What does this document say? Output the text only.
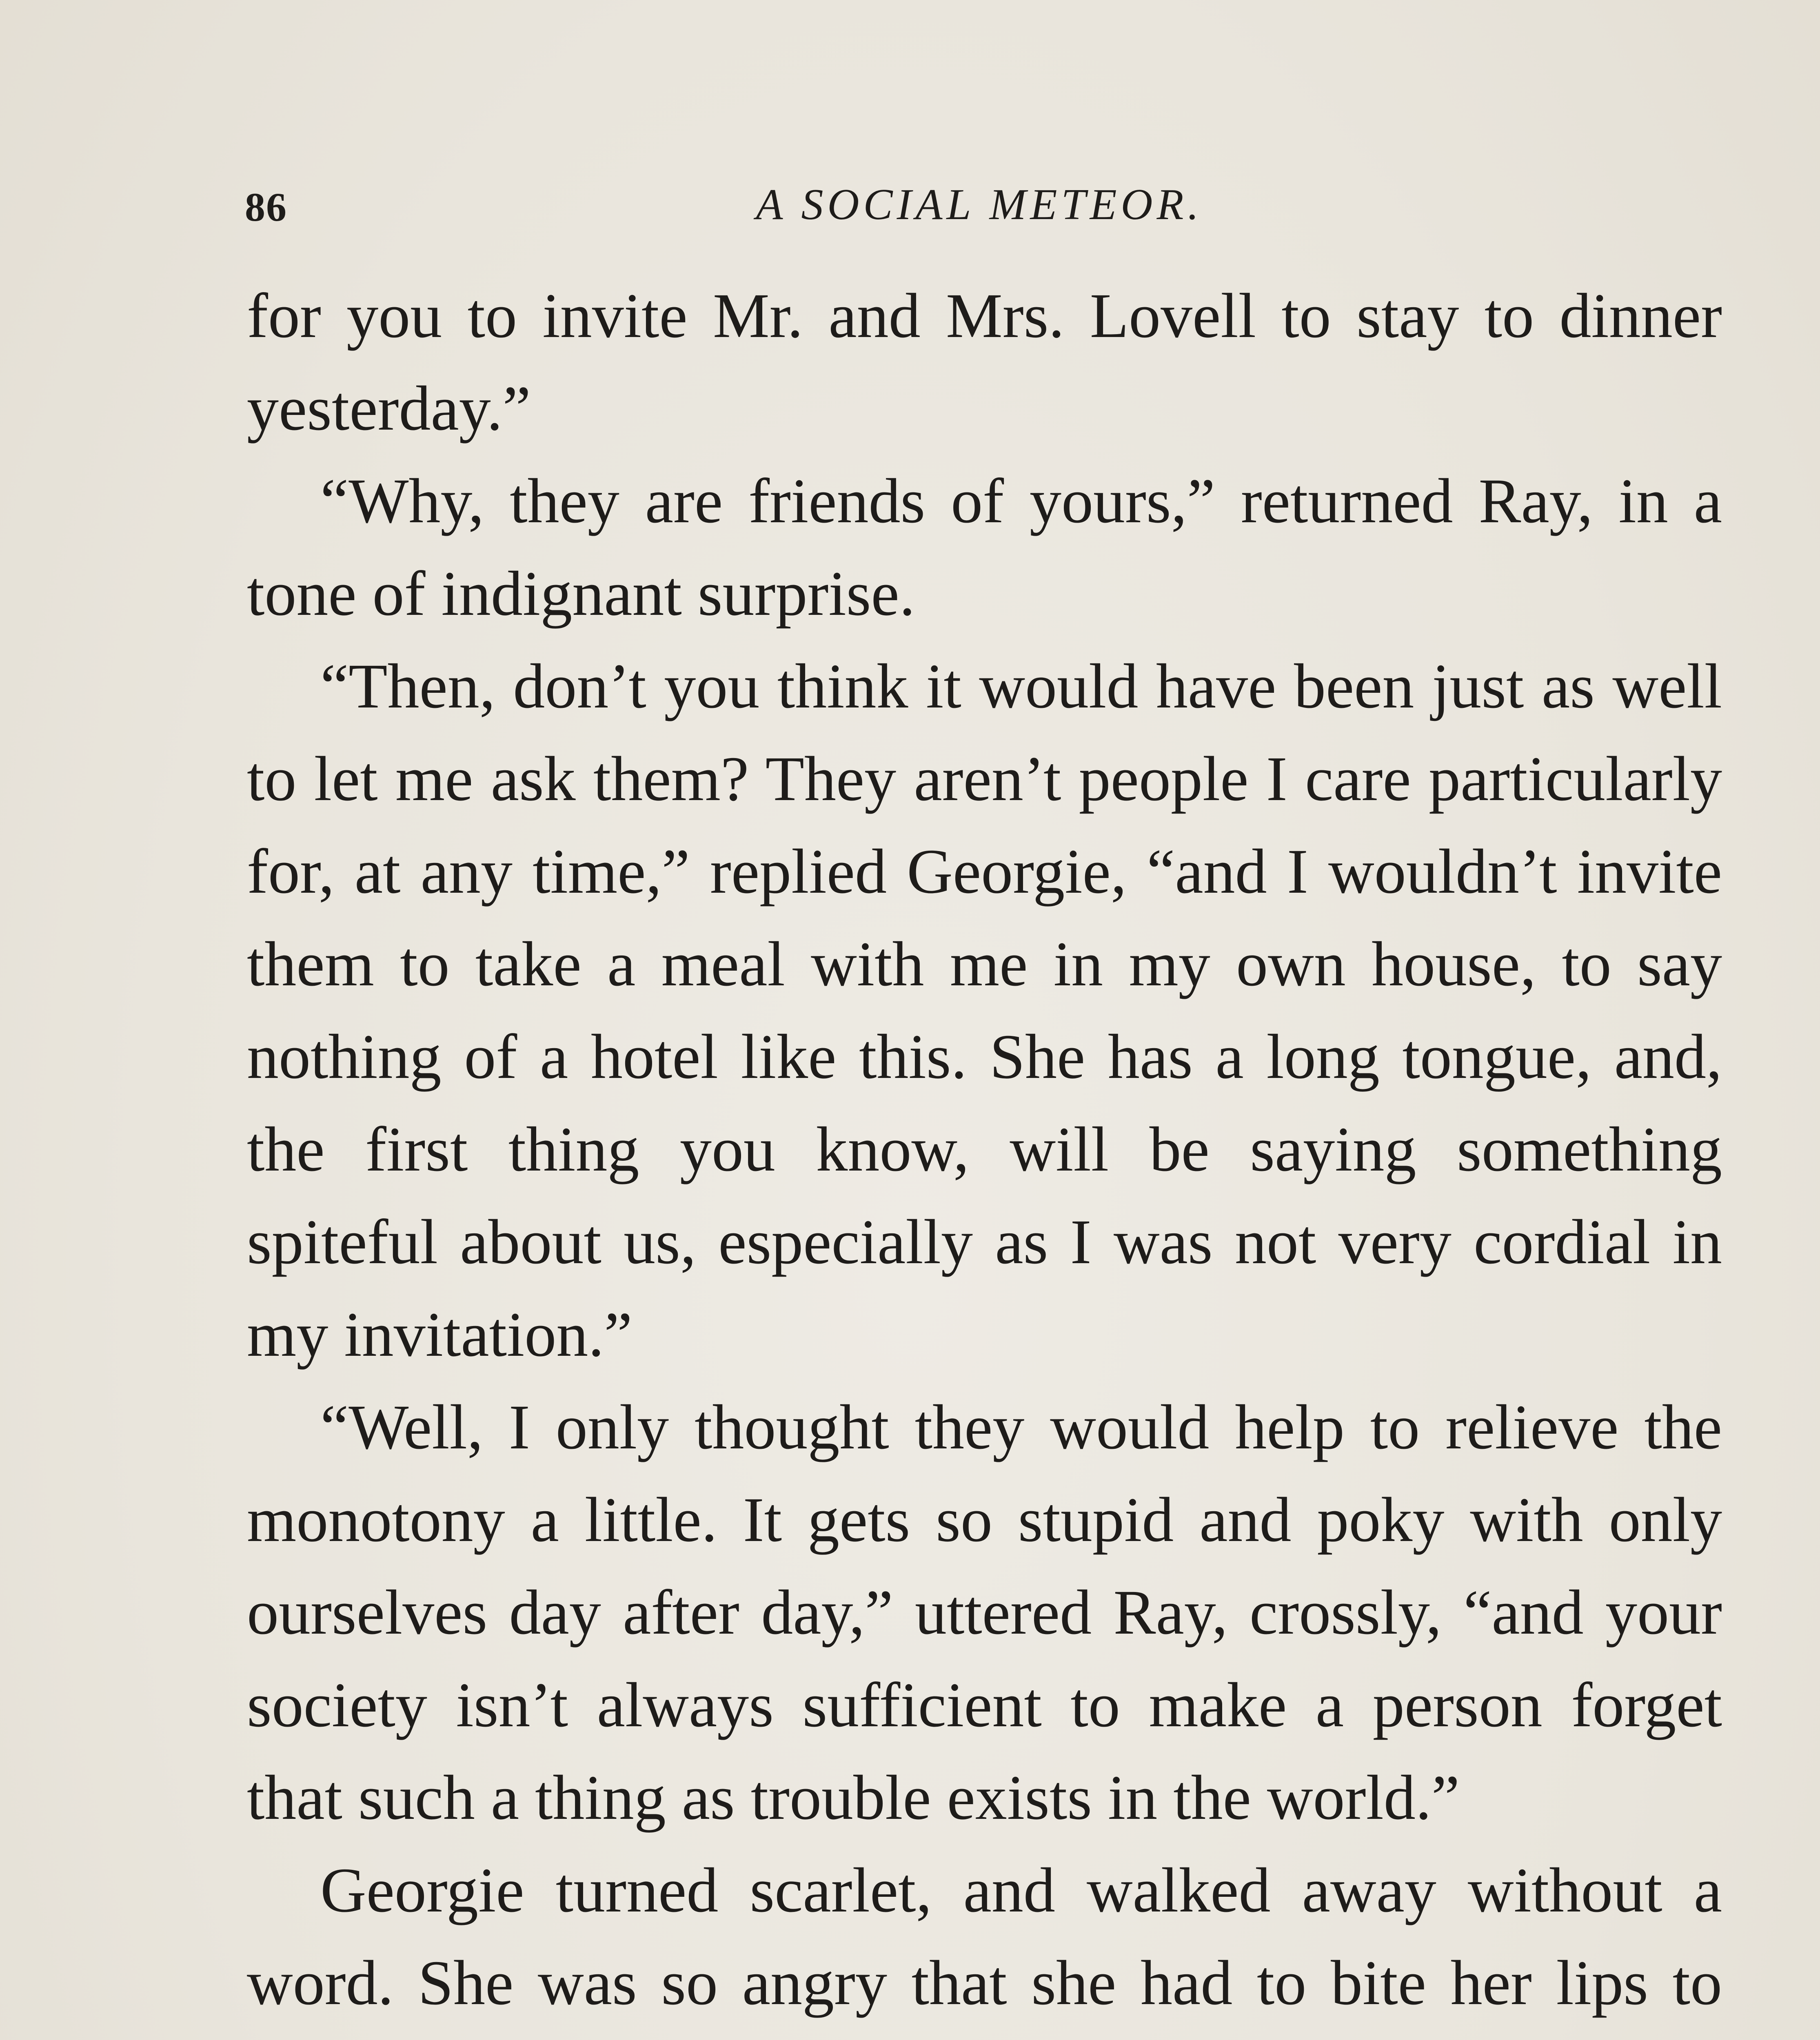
86	A SOCIAL METEOR.

for you to invite Mr. and Mrs. Lovell to stay to dinner yesterday.”

“Why, they are friends of yours,” returned Ray, in a tone of indignant surprise.

“Then, don’t you think it would have been just as well to let me ask them? They aren’t people I care particularly for, at any time,” replied Georgie, “and I wouldn’t invite them to take a meal with me in my own house, to say nothing of a hotel like this. She has a long tongue, and, the first thing you know, will be saying something spiteful about us, especially as I was not very cordial in my invitation.”

“Well, I only thought they would help to relieve the monotony a little. It gets so stupid and poky with only ourselves day after day,” uttered Ray, crossly, “and your society isn’t always sufficient to make a person forget that such a thing as trouble exists in the world.”

Georgie turned scarlet, and walked away without a word. She was so angry that she had to bite her lips to
